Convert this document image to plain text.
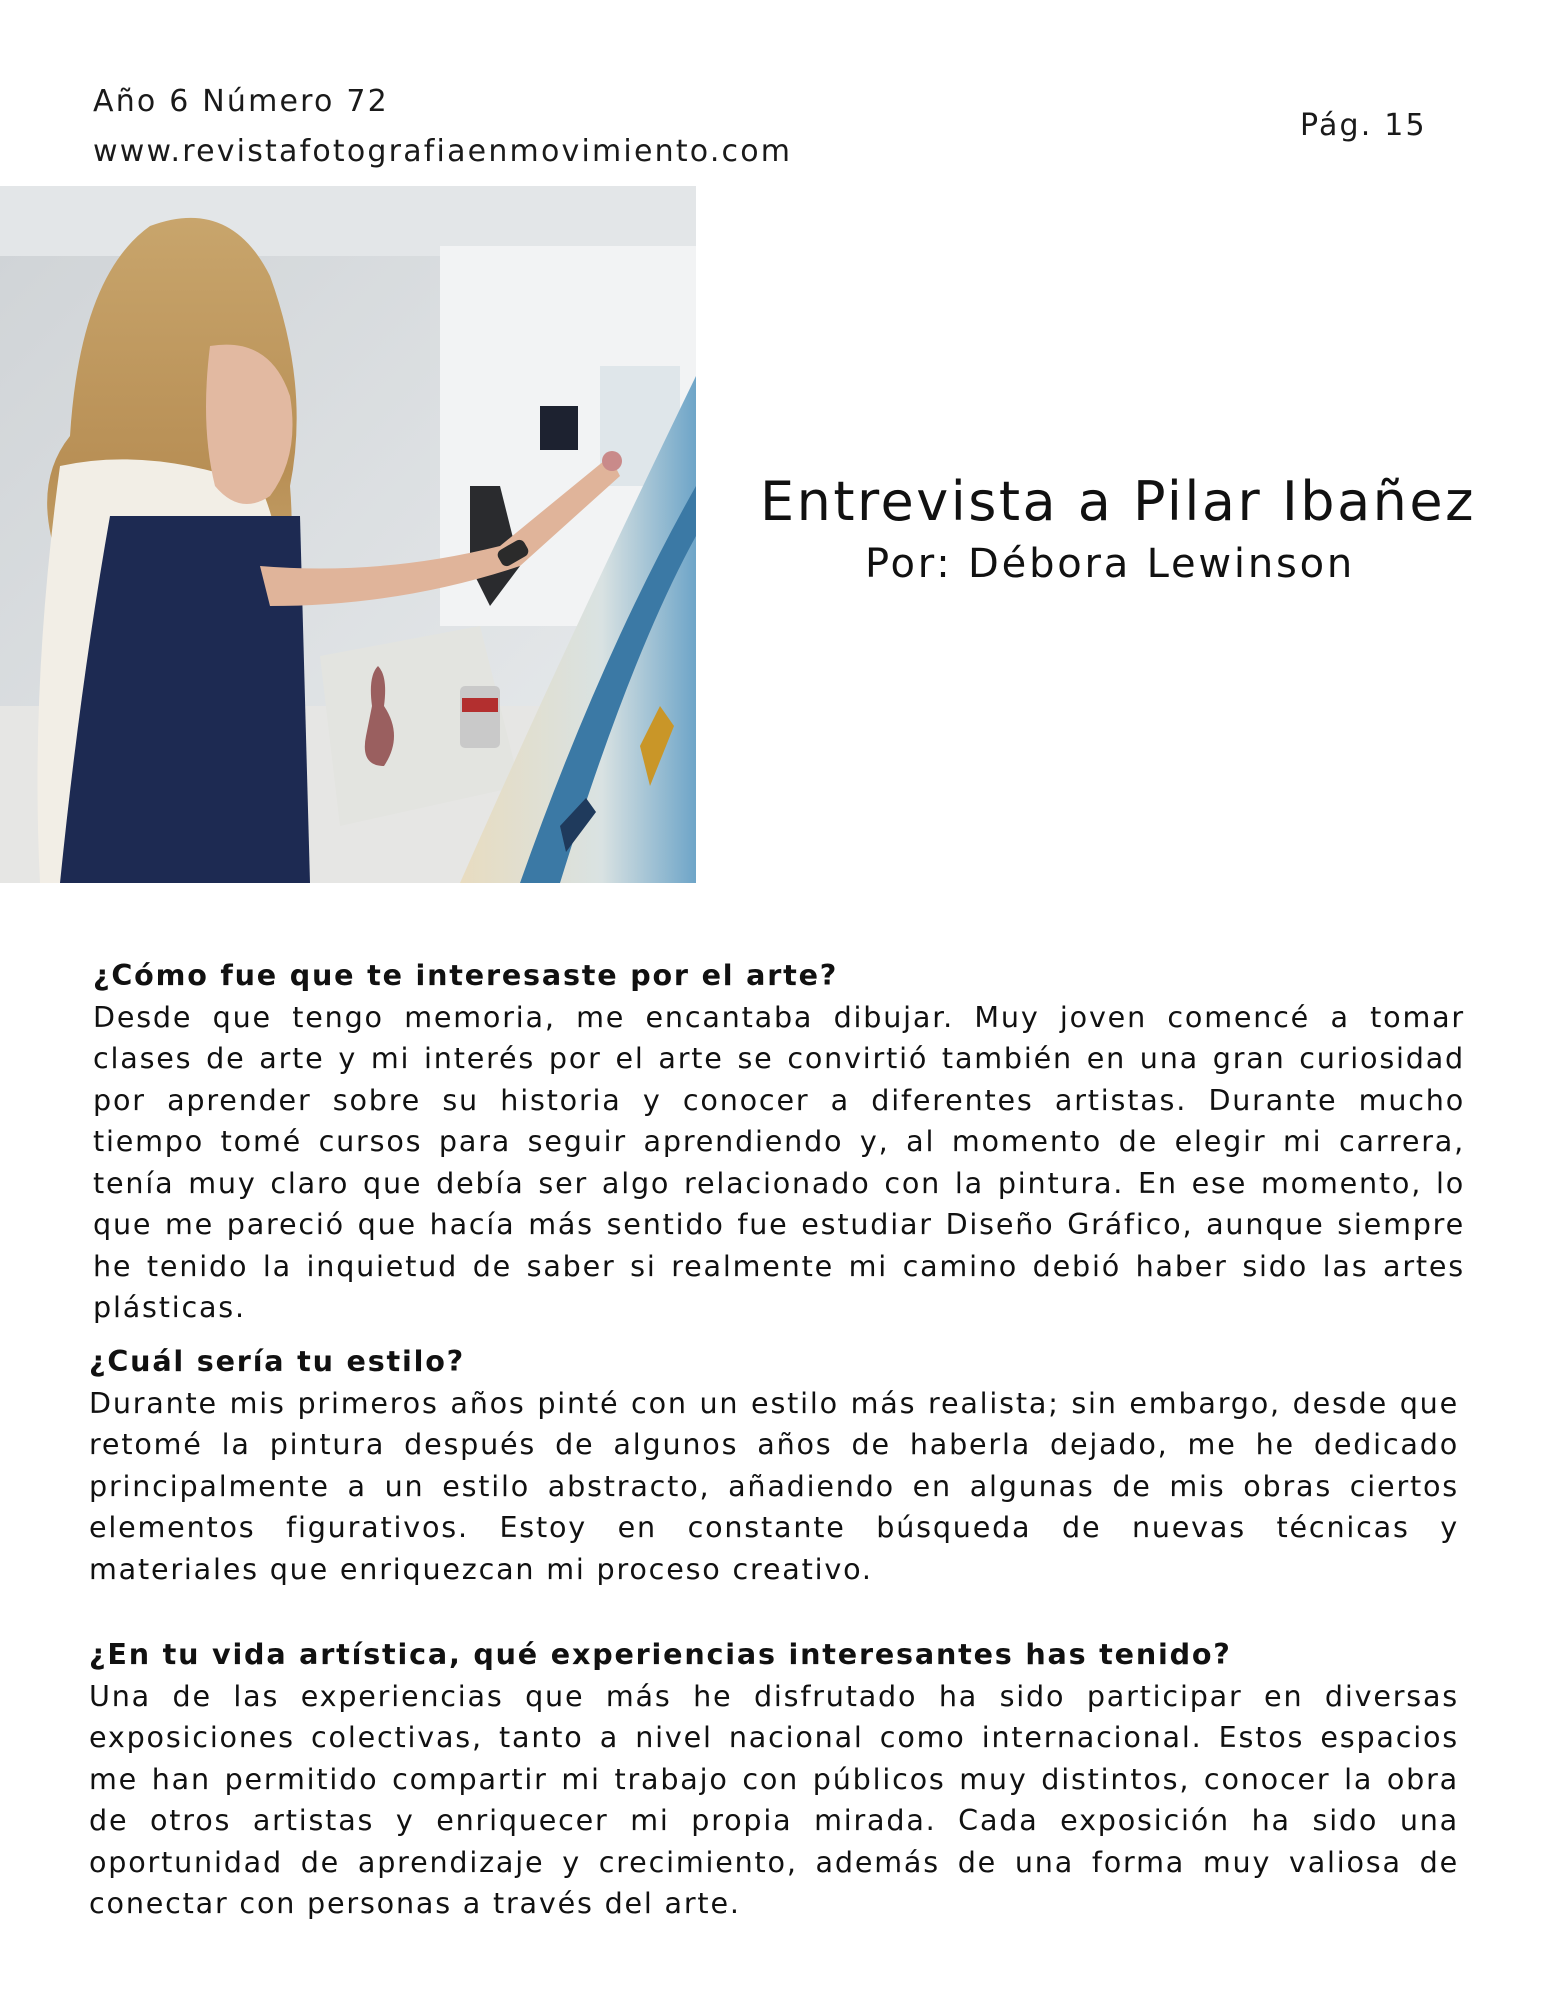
Año 6 Número 72
www.revistafotografiaenmovimiento.com
Pág. 15
Entrevista a Pilar Ibañez
Por: Débora Lewinson
¿Cómo fue que te interesaste por el arte?
Desde que tengo memoria, me encantaba dibujar. Muy joven comencé a tomar clases de arte y mi interés por el arte se convirtió también en una gran curiosidad por aprender sobre su historia y conocer a diferentes artistas. Durante mucho tiempo tomé cursos para seguir aprendiendo y, al momento de elegir mi carrera, tenía muy claro que debía ser algo relacionado con la pintura. En ese momento, lo que me pareció que hacía más sentido fue estudiar Diseño Gráfico, aunque siempre he tenido la inquietud de saber si realmente mi camino debió haber sido las artes plásticas.
¿Cuál sería tu estilo?
Durante mis primeros años pinté con un estilo más realista; sin embargo, desde que retomé la pintura después de algunos años de haberla dejado, me he dedicado principalmente a un estilo abstracto, añadiendo en algunas de mis obras ciertos elementos figurativos. Estoy en constante búsqueda de nuevas técnicas y materiales que enriquezcan mi proceso creativo.
¿En tu vida artística, qué experiencias interesantes has tenido?
Una de las experiencias que más he disfrutado ha sido participar en diversas exposiciones colectivas, tanto a nivel nacional como internacional. Estos espacios me han permitido compartir mi trabajo con públicos muy distintos, conocer la obra de otros artistas y enriquecer mi propia mirada. Cada exposición ha sido una oportunidad de aprendizaje y crecimiento, además de una forma muy valiosa de conectar con personas a través del arte.
